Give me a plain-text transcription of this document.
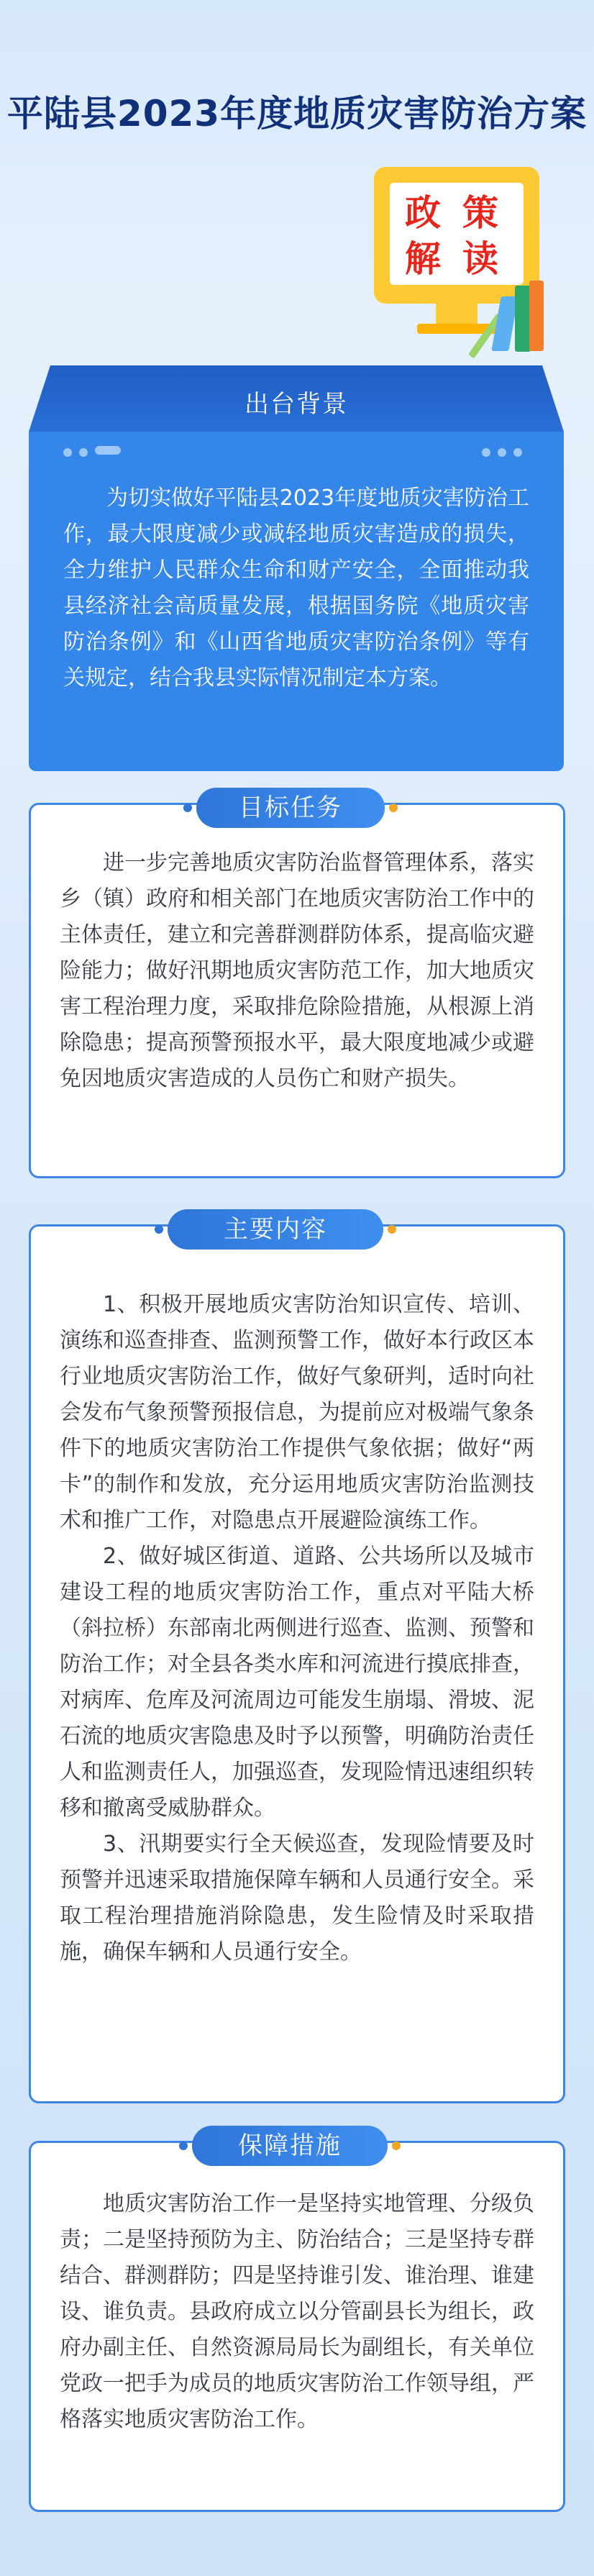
平陆县2023年度地质灾害防治方案
政 策
解 读
出台背景
为切实做好平陆县2023年度地质灾害防治工作，最大限度减少或减轻地质灾害造成的损失，全力维护人民群众生命和财产安全，全面推动我县经济社会高质量发展，根据国务院《地质灾害防治条例》和《山西省地质灾害防治条例》等有关规定，结合我县实际情况制定本方案。
目标任务

进一步完善地质灾害防治监督管理体系，落实乡（镇）政府和相关部门在地质灾害防治工作中的主体责任，建立和完善群测群防体系，提高临灾避险能力；做好汛期地质灾害防范工作，加大地质灾害工程治理力度，采取排危除险措施，从根源上消除隐患；提高预警预报水平，最大限度地减少或避免因地质灾害造成的人员伤亡和财产损失。

主要内容

1、积极开展地质灾害防治知识宣传、培训、演练和巡查排查、监测预警工作，做好本行政区本行业地质灾害防治工作，做好气象研判，适时向社会发布气象预警预报信息，为提前应对极端气象条件下的地质灾害防治工作提供气象依据；做好“两卡”的制作和发放，充分运用地质灾害防治监测技术和推广工作，对隐患点开展避险演练工作。

2、做好城区街道、道路、公共场所以及城市建设工程的地质灾害防治工作，重点对平陆大桥（斜拉桥）东部南北两侧进行巡查、监测、预警和防治工作；对全县各类水库和河流进行摸底排查，对病库、危库及河流周边可能发生崩塌、滑坡、泥石流的地质灾害隐患及时予以预警，明确防治责任人和监测责任人，加强巡查，发现险情迅速组织转移和撤离受威胁群众。

3、汛期要实行全天候巡查，发现险情要及时预警并迅速采取措施保障车辆和人员通行安全。采取工程治理措施消除隐患，发生险情及时采取措施，确保车辆和人员通行安全。

保障措施

地质灾害防治工作一是坚持实地管理、分级负责；二是坚持预防为主、防治结合；三是坚持专群结合、群测群防；四是坚持谁引发、谁治理、谁建设、谁负责。县政府成立以分管副县长为组长，政府办副主任、自然资源局局长为副组长，有关单位党政一把手为成员的地质灾害防治工作领导组，严格落实地质灾害防治工作。
